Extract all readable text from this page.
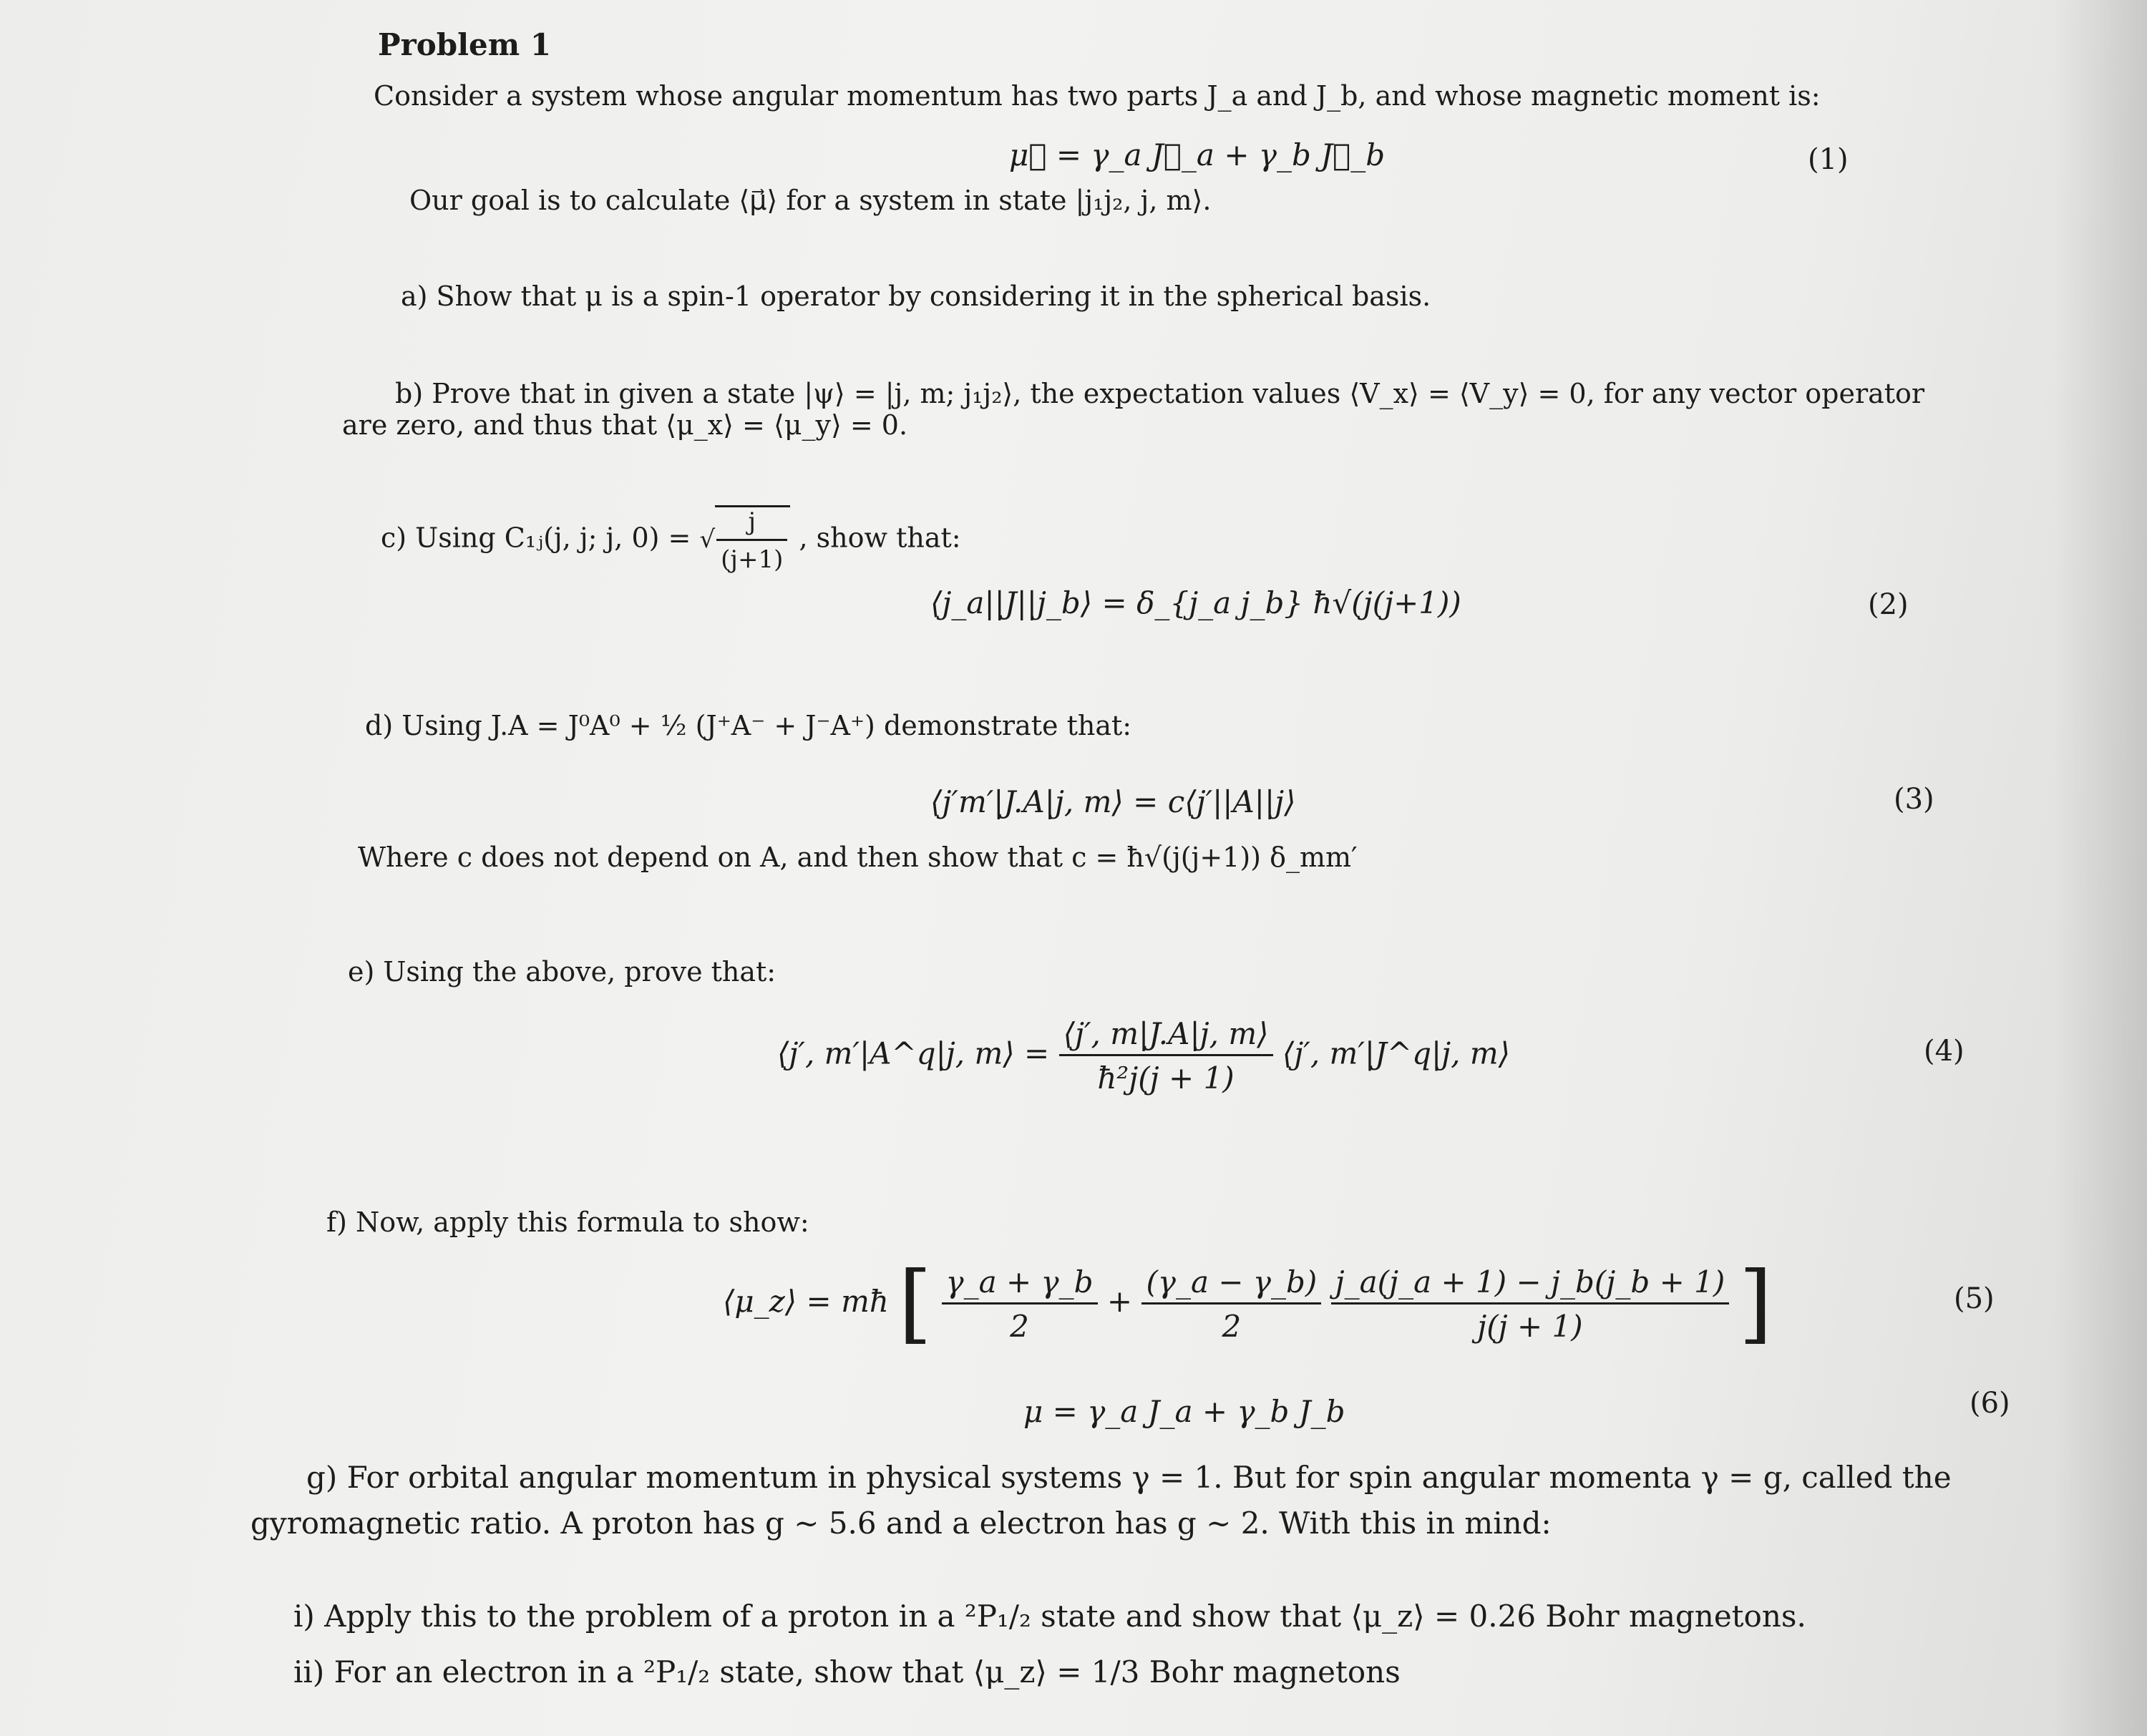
Problem 1
Consider a system whose angular momentum has two parts J_a and J_b, and whose magnetic moment is:
μ⃗ = γ_a J⃗_a + γ_b J⃗_b	(1)
Our goal is to calculate ⟨μ⃗⟩ for a system in state |j₁j₂, j, m⟩.
a) Show that μ is a spin-1 operator by considering it in the spherical basis.
b) Prove that in given a state |ψ⟩ = |j, m; j₁j₂⟩, the expectation values ⟨V_x⟩ = ⟨V_y⟩ = 0, for any vector operator
are zero, and thus that ⟨μ_x⟩ = ⟨μ_y⟩ = 0.
c) Using C₁ⱼ(j, j; j, 0) = √ $\frac{j}{(j+1)}$ , show that:
⟨j_a||J||j_b⟩ = δ_{j_a j_b} ħ√(j(j+1))	(2)
d) Using J.A = J⁰A⁰ + ½ (J⁺A⁻ + J⁻A⁺) demonstrate that:
⟨j′m′|J.A|j, m⟩ = c⟨j′||A||j⟩	(3)
Where c does not depend on A, and then show that c = ħ√(j(j+1)) δ_mm′
e) Using the above, prove that:
⟨j′, m′|A^q|j, m⟩ = $\frac{⟨j', m|J.A|j, m⟩}{\text{ħ²j(j + 1)}}$ ⟨j′, m′|J^q|j, m⟩	(4)
f) Now, apply this formula to show:
⟨μ_z⟩ = mħ [ $\frac{\gamma\_a + \gamma\_b}{2} + \frac{(\gamma\_a - \gamma\_b)}{2}$
$\frac{j\_a(j\_a + 1) - j\_b(j\_b + 1)}{j(j + 1)}$ ]	(5)
μ = γ_a J_a + γ_b J_b	(6)
g) For orbital angular momentum in physical systems γ = 1. But for spin angular momenta γ = g, called the
gyromagnetic ratio. A proton has g ∼ 5.6 and a electron has g ∼ 2. With this in mind:
i) Apply this to the problem of a proton in a ²P₁/₂ state and show that ⟨μ_z⟩ = 0.26 Bohr magnetons.
ii) For an electron in a ²P₁/₂ state, show that ⟨μ_z⟩ = 1/3 Bohr magnetons
